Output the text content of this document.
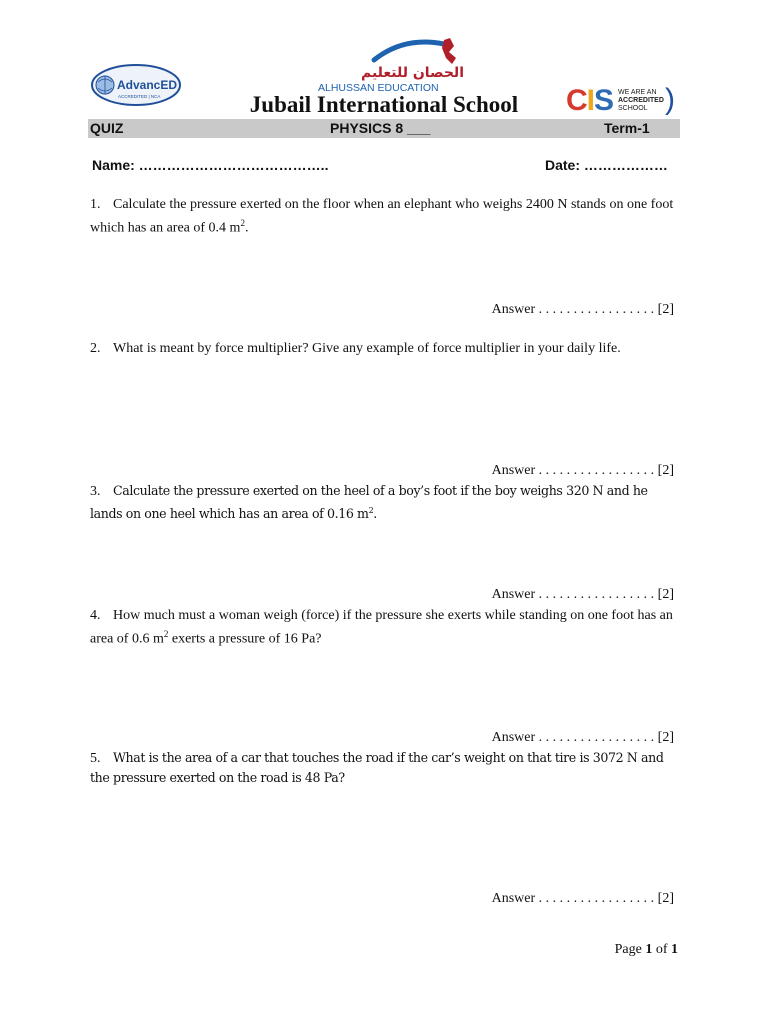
AdvancED
ACCREDITED | NCA
الحصان للتعليم
ALHUSSAN EDUCATION
Jubail International School	CIS WE ARE AN
ACCREDITED
SCHOOL )
QUIZ	PHYSICS 8 ___	Term-1
Name: …………………………………..	Date: ………………
1. Calculate the pressure exerted on the floor when an elephant who weighs 2400 N stands on one foot which has an area of 0.4 $m^2$.
Answer . . . . . . . . . . . . . . . . . [2]
2. What is meant by force multiplier? Give any example of force multiplier in your daily life.
Answer . . . . . . . . . . . . . . . . . [2]
3. Calculate the pressure exerted on the heel of a boy’s foot if the boy weighs 320 N and he lands on one heel which has an area of 0.16 $m^2$.
Answer . . . . . . . . . . . . . . . . . [2]
4. How much must a woman weigh (force) if the pressure she exerts while standing on one foot has an area of 0.6 $m^2$ exerts a pressure of 16 Pa?
Answer . . . . . . . . . . . . . . . . . [2]
5. What is the area of a car that touches the road if the car’s weight on that tire is 3072 N and the pressure exerted on the road is 48 Pa?
Answer . . . . . . . . . . . . . . . . . [2]
Page 1 of 1
